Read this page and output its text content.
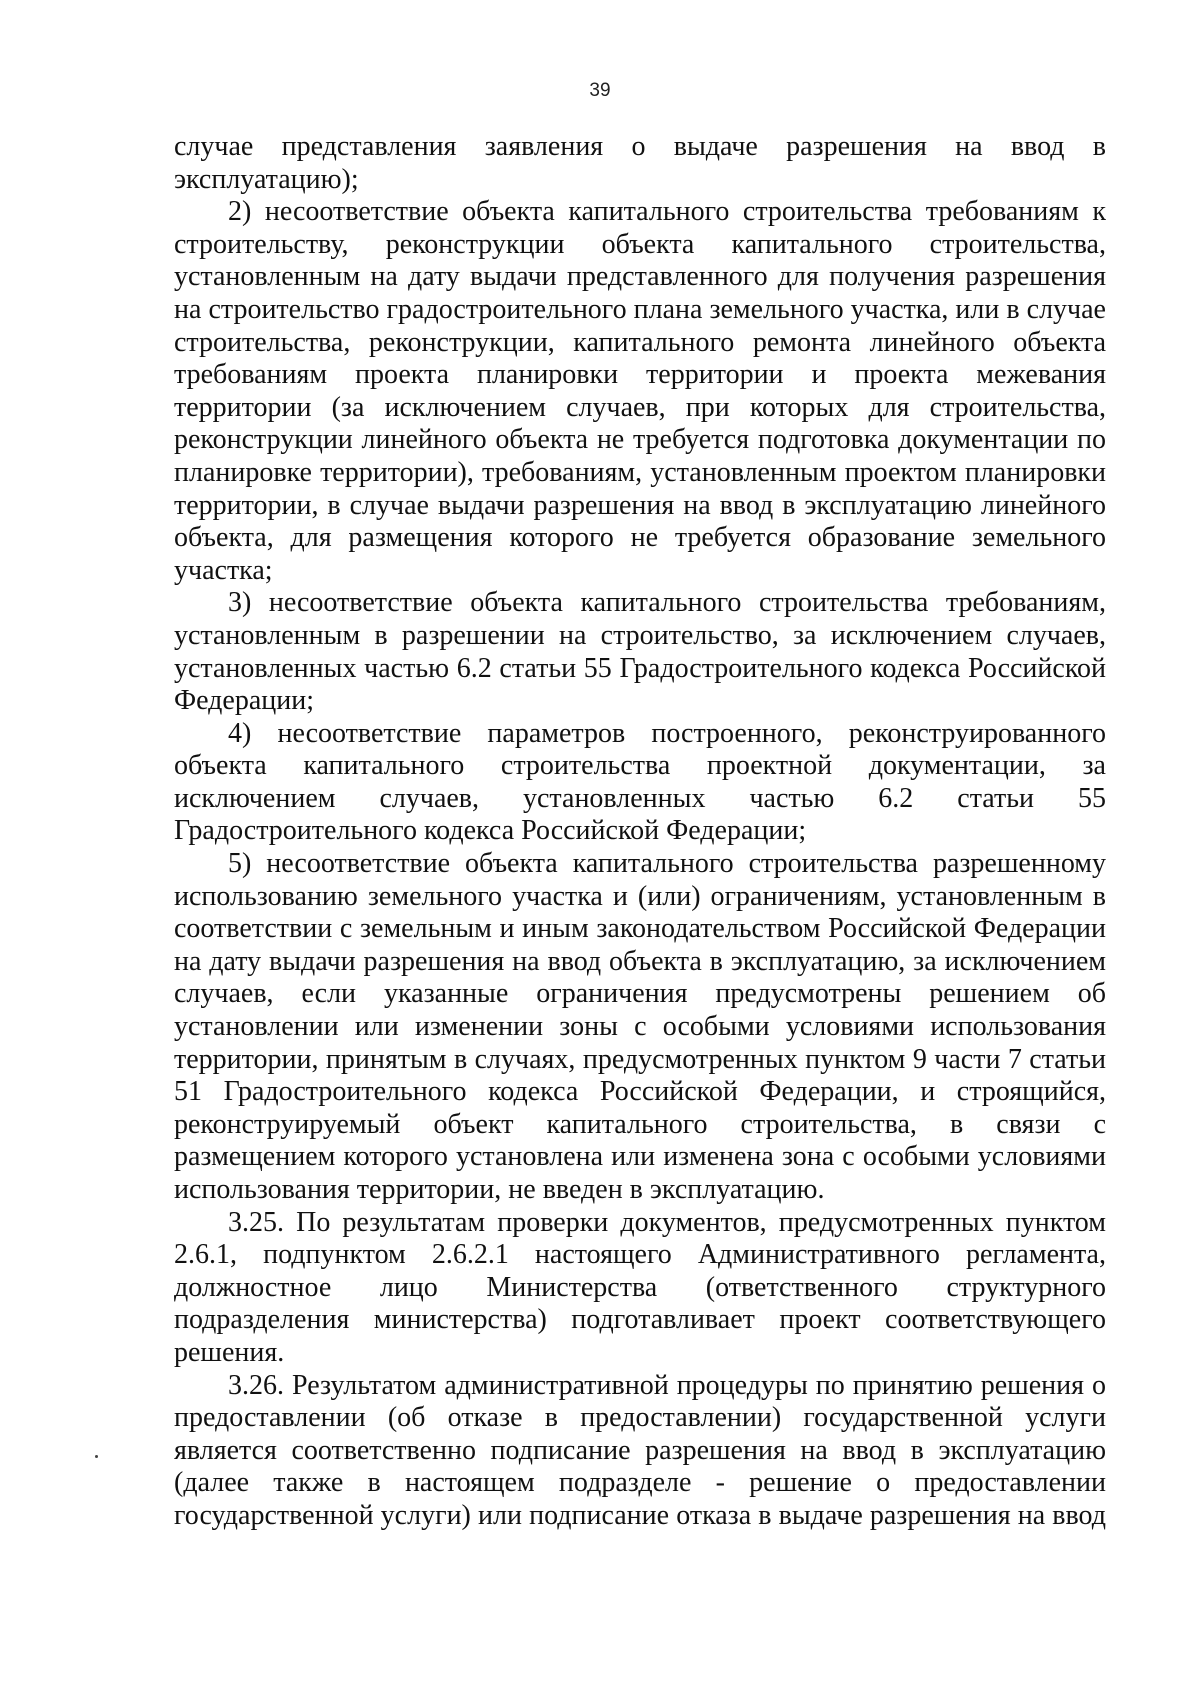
39

случае представления заявления о выдаче разрешения на ввод в эксплуатацию);

2) несоответствие объекта капитального строительства требованиям к строительству, реконструкции объекта капитального строительства, установленным на дату выдачи представленного для получения разрешения на строительство градостроительного плана земельного участка, или в случае строительства, реконструкции, капитального ремонта линейного объекта требованиям проекта планировки территории и проекта межевания территории (за исключением случаев, при которых для строительства, реконструкции линейного объекта не требуется подготовка документации по планировке территории), требованиям, установленным проектом планировки территории, в случае выдачи разрешения на ввод в эксплуатацию линейного объекта, для размещения которого не требуется образование земельного участка;

3) несоответствие объекта капитального строительства требованиям, установленным в разрешении на строительство, за исключением случаев, установленных частью 6.2 статьи 55 Градостроительного кодекса Российской Федерации;

4) несоответствие параметров построенного, реконструированного объекта капитального строительства проектной документации, за исключением случаев, установленных частью 6.2 статьи 55 Градостроительного кодекса Российской Федерации;

5) несоответствие объекта капитального строительства разрешенному использованию земельного участка и (или) ограничениям, установленным в соответствии с земельным и иным законодательством Российской Федерации на дату выдачи разрешения на ввод объекта в эксплуатацию, за исключением случаев, если указанные ограничения предусмотрены решением об установлении или изменении зоны с особыми условиями использования территории, принятым в случаях, предусмотренных пунктом 9 части 7 статьи 51 Градостроительного кодекса Российской Федерации, и строящийся, реконструируемый объект капитального строительства, в связи с размещением которого установлена или изменена зона с особыми условиями использования территории, не введен в эксплуатацию.

3.25. По результатам проверки документов, предусмотренных пунктом 2.6.1, подпунктом 2.6.2.1 настоящего Административного регламента, должностное лицо Министерства (ответственного структурного подразделения министерства) подготавливает проект соответствующего решения.

3.26. Результатом административной процедуры по принятию решения о предоставлении (об отказе в предоставлении) государственной услуги является соответственно подписание разрешения на ввод в эксплуатацию (далее также в настоящем подразделе - решение о предоставлении государственной услуги) или подписание отказа в выдаче разрешения на ввод
